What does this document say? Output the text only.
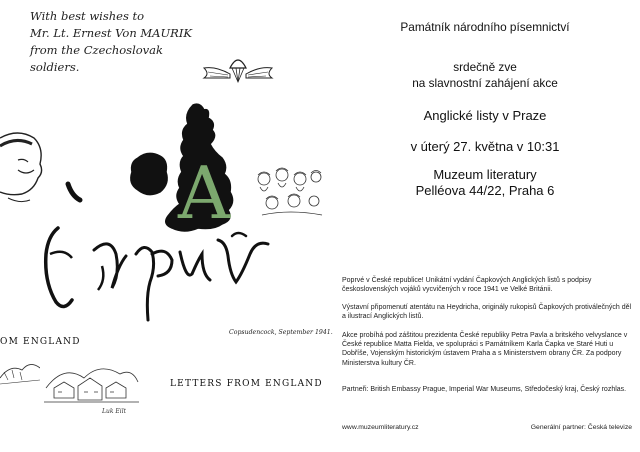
With best wishes to
Mr. Lt. Ernest Von MAURIK
from the Czechoslovak
soldiers.
A
Copsudencock, September 1941.
OM ENGLAND
Luk Eilt
LETTERS FROM ENGLAND
Památník národního písemnictví
srdečně zve
na slavnostní zahájení akce
Anglické listy v Praze
v úterý 27. května v 10:31
Muzeum literatury
Pelléova 44/22, Praha 6
Poprvé v České republice! Unikátní vydání Čapkových Anglických listů s podpisy československých vojáků vycvičených v roce 1941 ve Velké Británii.
Výstavní připomenutí atentátu na Heydricha, originály rukopisů Čapkových protiválečných děl a ilustrací Anglických listů.
Akce probíhá pod záštitou prezidenta České republiky Petra Pavla a britského velvyslance v České republice Matta Fielda, ve spolupráci s Památníkem Karla Čapka ve Staré Huti u Dobříše, Vojenským historickým ústavem Praha a s Ministerstvem obrany ČR. Za podpory Ministerstva kultury ČR.
Partneři: British Embassy Prague, Imperial War Museums, Středočeský kraj, Český rozhlas.
www.muzeumliteratury.cz	Generální partner: Česká televize
